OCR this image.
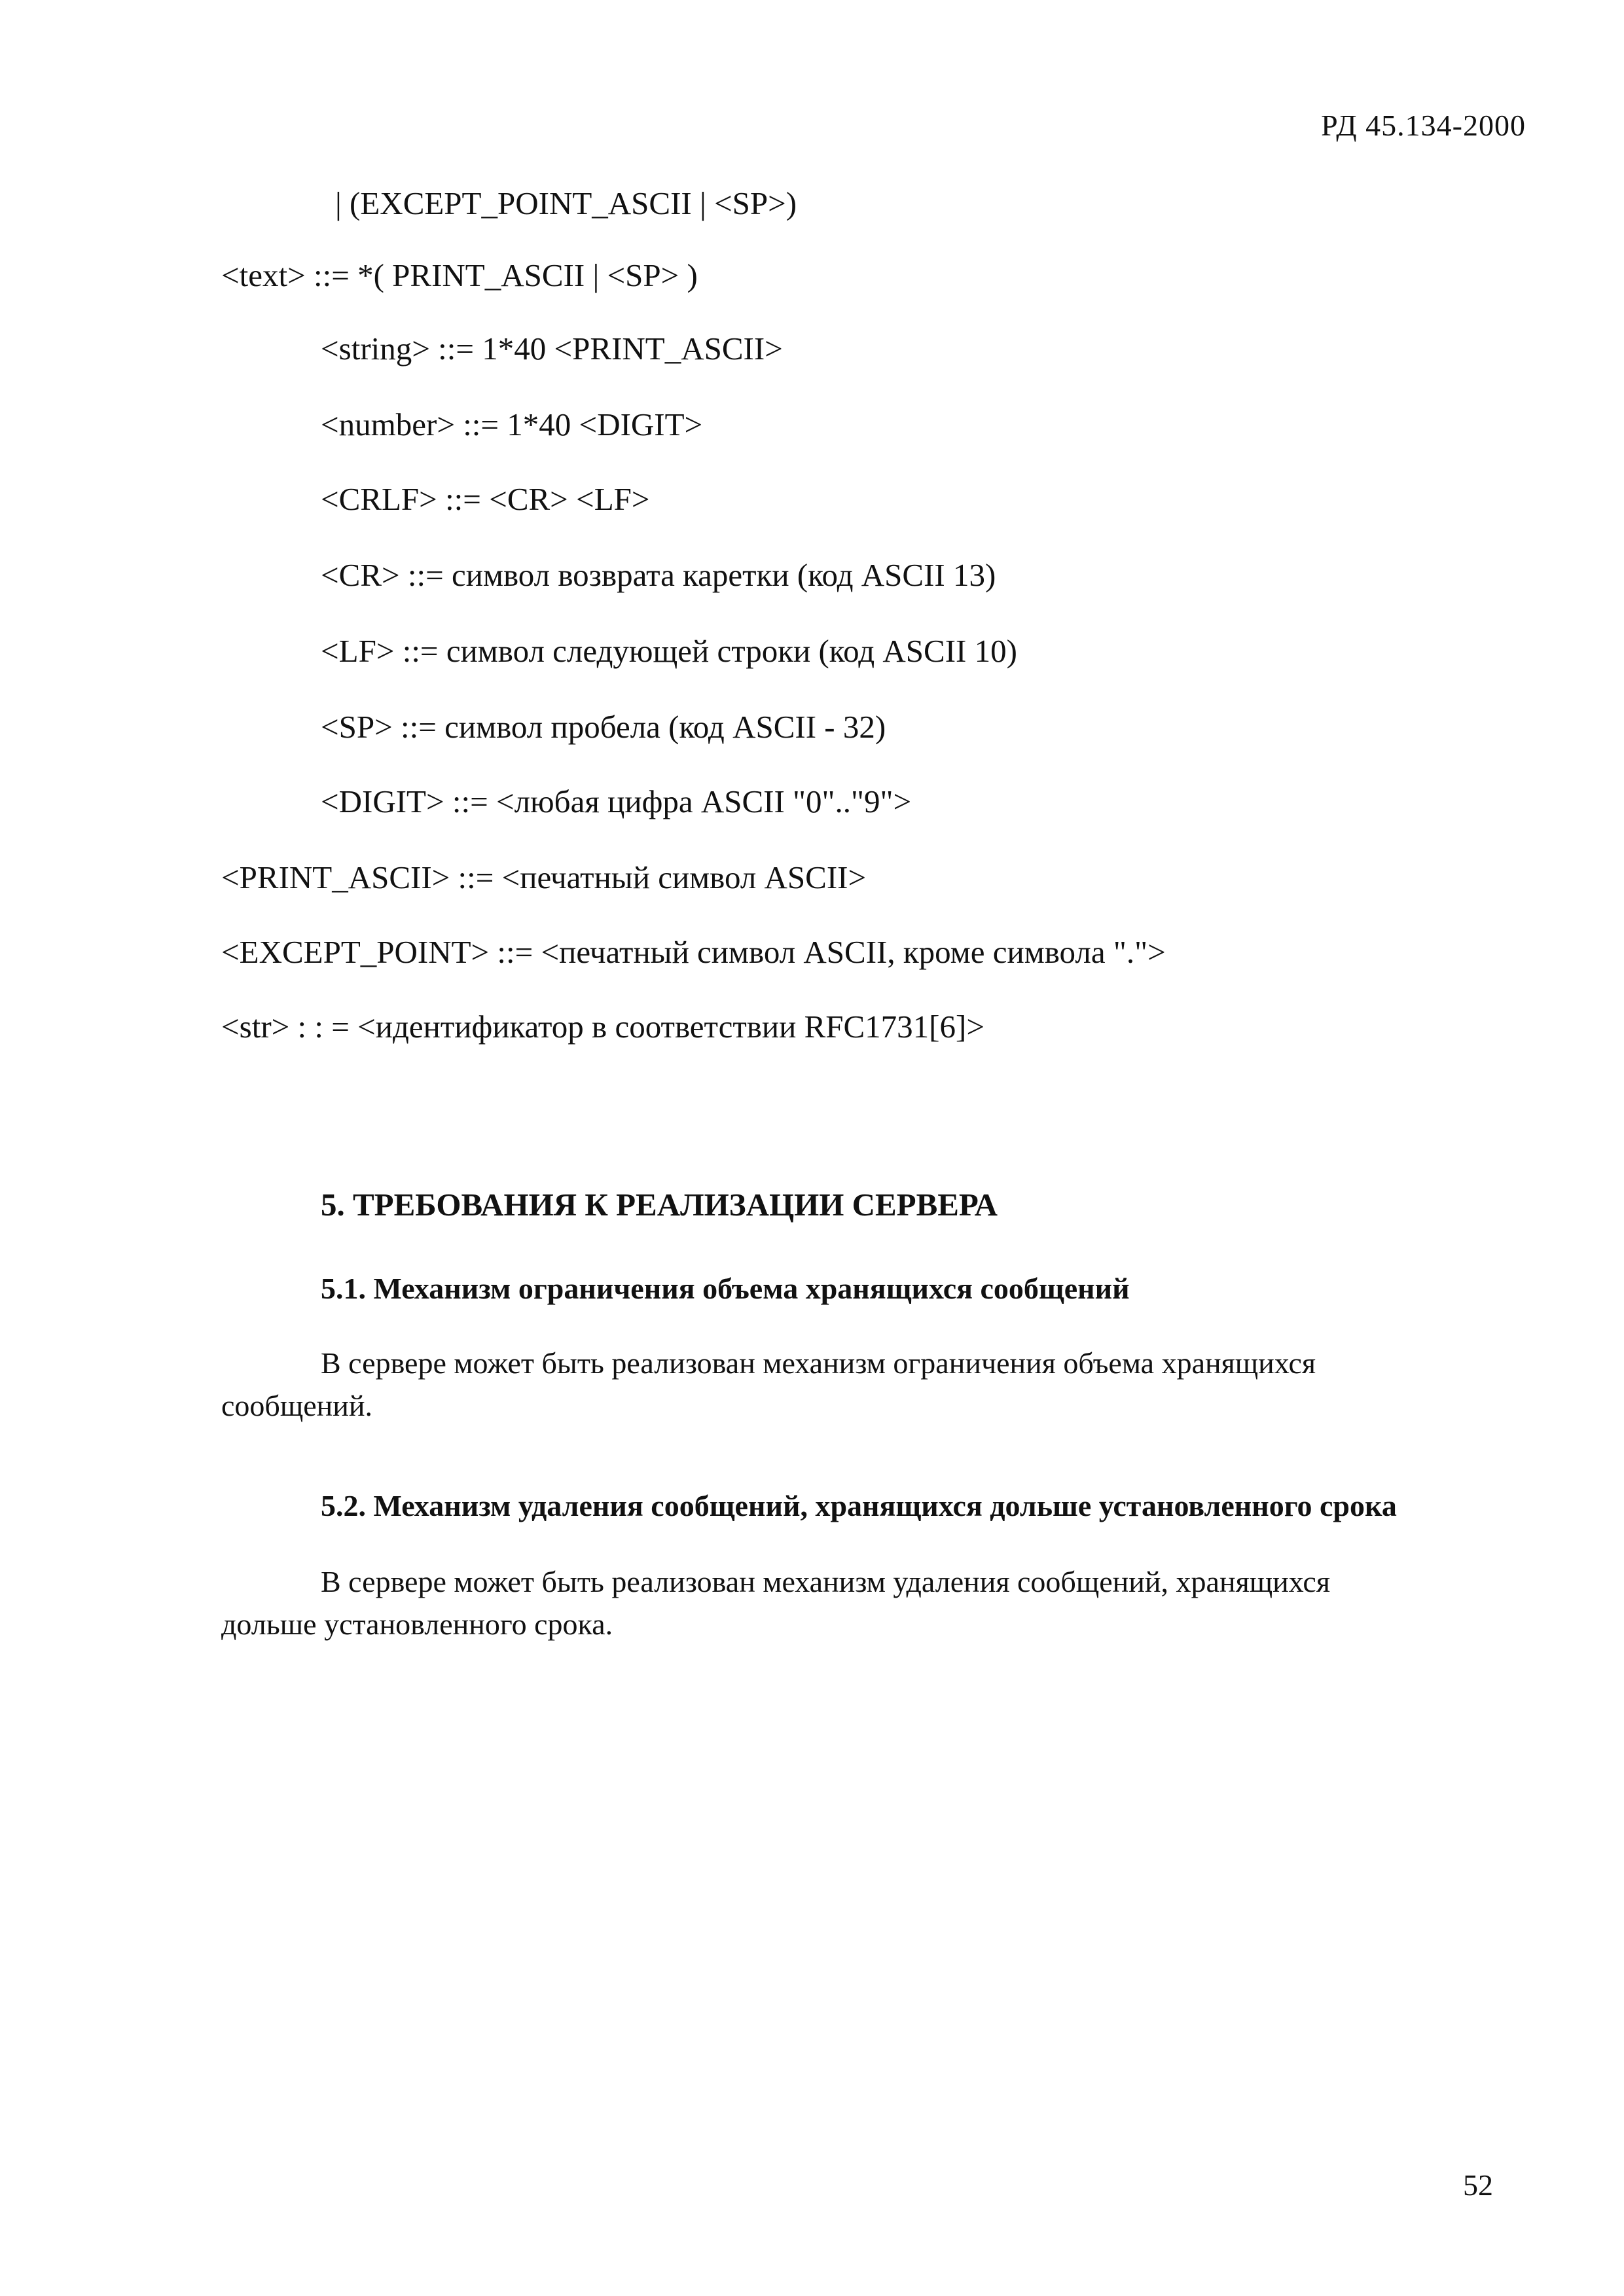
РД 45.134-2000
| (EXCEPT_POINT_ASCII | <SP>)
<text> ::= *( PRINT_ASCII | <SP> )
<string> ::= 1*40 <PRINT_ASCII>
<number> ::= 1*40 <DIGIT>
<CRLF> ::= <CR> <LF>
<CR> ::= символ возврата каретки (код ASCII 13)
<LF> ::= символ следующей строки (код ASCII 10)
<SP> ::= символ пробела (код ASCII - 32)
<DIGIT> ::= <любая цифра ASCII "0".."9">
<PRINT_ASCII> ::= <печатный символ ASCII>
<EXCEPT_POINT> ::= <печатный символ ASCII, кроме символа ".">
<str> : : = <идентификатор в соответствии RFC1731[6]>
5. ТРЕБОВАНИЯ К РЕАЛИЗАЦИИ СЕРВЕРА
5.1. Механизм ограничения объема хранящихся сообщений
В сервере может быть реализован механизм ограничения объема хранящихся
сообщений.
5.2. Механизм удаления сообщений, хранящихся дольше установленного срока
В сервере может быть реализован механизм удаления сообщений, хранящихся
дольше установленного срока.
52
